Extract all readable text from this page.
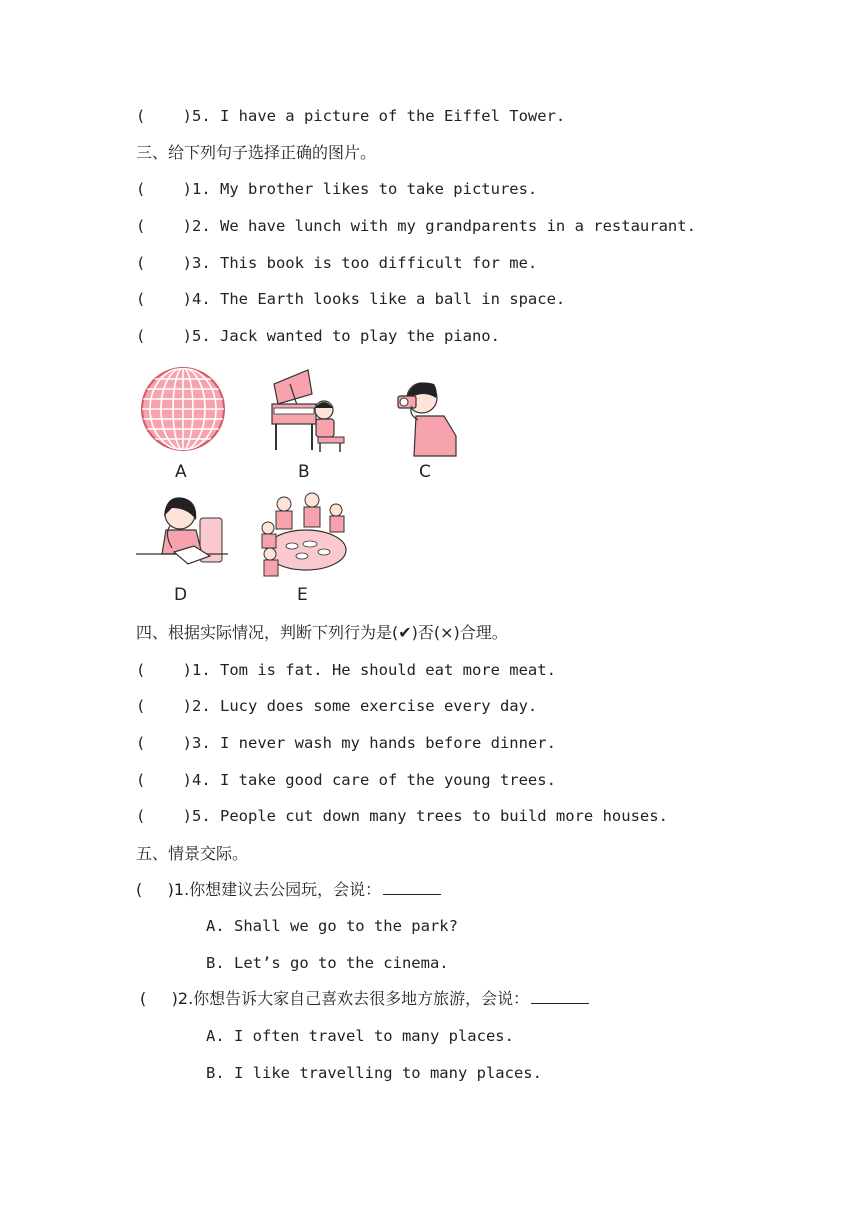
(    )5. I have a picture of the Eiffel Tower.
三、给下列句子选择正确的图片。
(    )1. My brother likes to take pictures.
(    )2. We have lunch with my grandparents in a restaurant.
(    )3. This book is too difficult for me.
(    )4. The Earth looks like a ball in space.
(    )5. Jack wanted to play the piano.
A	B	C
D	E
四、根据实际情况，判断下列行为是(✔)否(×)合理。
(    )1. Tom is fat. He should eat more meat.
(    )2. Lucy does some exercise every day.
(    )3. I never wash my hands before dinner.
(    )4. I take good care of the young trees.
(    )5. People cut down many trees to build more houses.
五、情景交际。
(     )1.你想建议去公园玩，会说：
A. Shall we go to the park?
B. Let’s go to the cinema.
(     )2.你想告诉大家自己喜欢去很多地方旅游，会说：
A. I often travel to many places.
B. I like travelling to many places.
